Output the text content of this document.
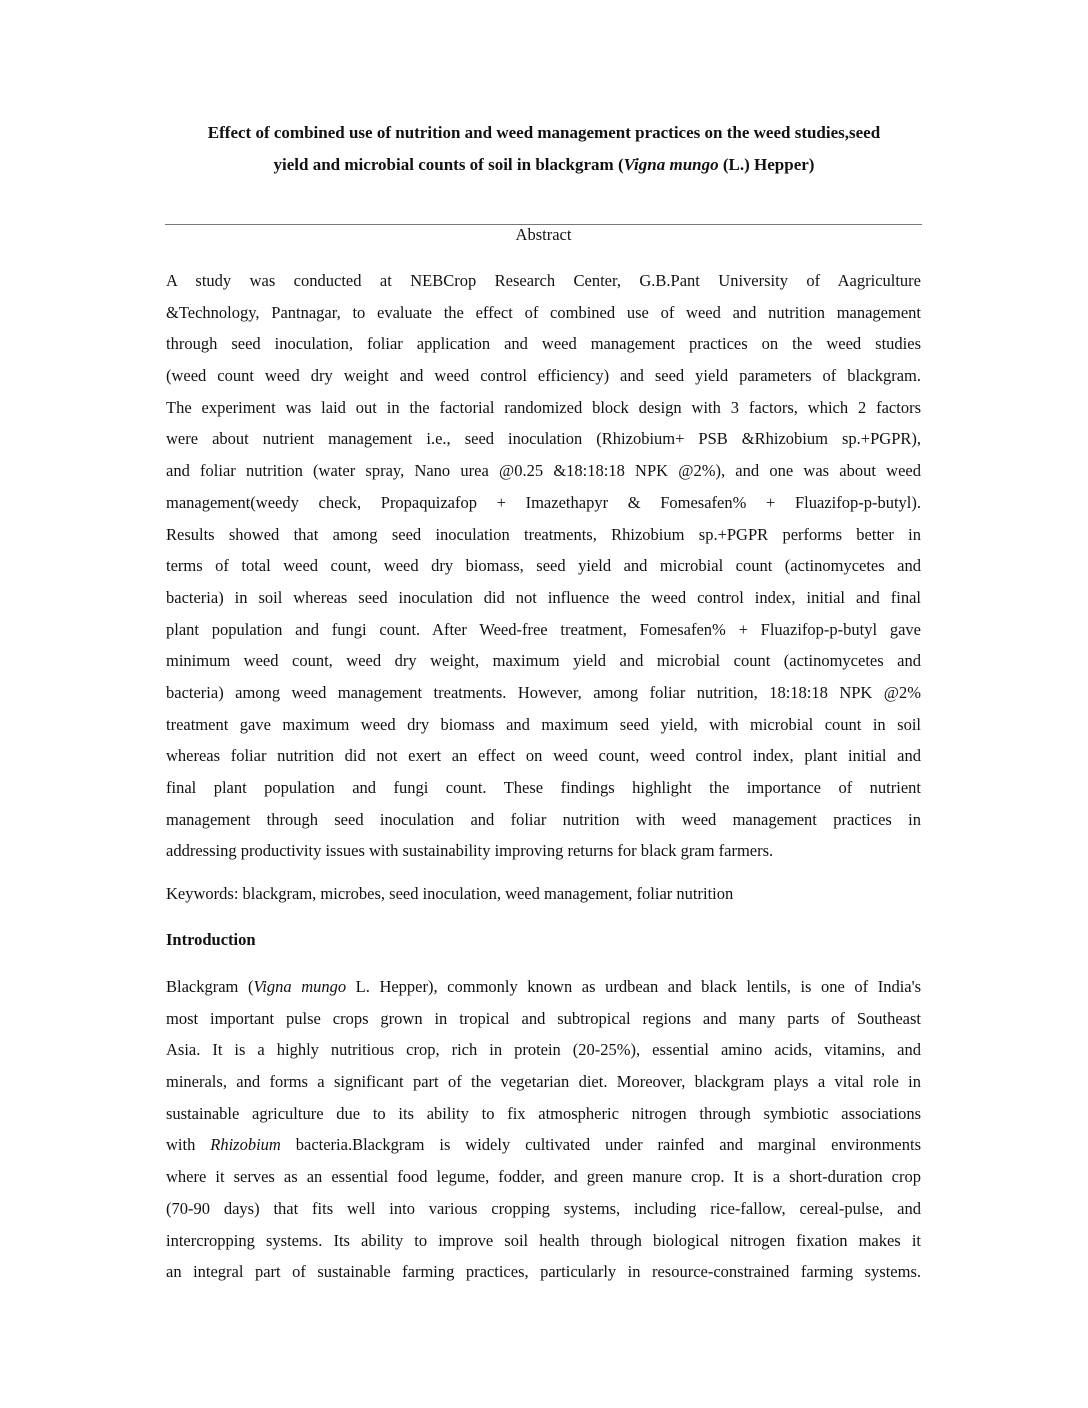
Effect of combined use of nutrition and weed management practices on the weed studies,seed
yield and microbial counts of soil in blackgram (Vigna mungo (L.) Hepper)
Abstract
A study was conducted at NEBCrop Research Center, G.B.Pant University of Aagriculture
&Technology, Pantnagar, to evaluate the effect of combined use of weed and nutrition management
through seed inoculation, foliar application and weed management practices on the weed studies
(weed count weed dry weight and weed control efficiency) and seed yield parameters of blackgram.
The experiment was laid out in the factorial randomized block design with 3 factors, which 2 factors
were about nutrient management i.e., seed inoculation (Rhizobium+ PSB &Rhizobium sp.+PGPR),
and foliar nutrition (water spray, Nano urea @0.25 &18:18:18 NPK @2%), and one was about weed
management(weedy check, Propaquizafop + Imazethapyr & Fomesafen% + Fluazifop-p-butyl).
Results showed that among seed inoculation treatments, Rhizobium sp.+PGPR performs better in
terms of total weed count, weed dry biomass, seed yield and microbial count (actinomycetes and
bacteria) in soil whereas seed inoculation did not influence the weed control index, initial and final
plant population and fungi count. After Weed-free treatment, Fomesafen% + Fluazifop-p-butyl gave
minimum weed count, weed dry weight, maximum yield and microbial count (actinomycetes and
bacteria) among weed management treatments. However, among foliar nutrition, 18:18:18 NPK @2%
treatment gave maximum weed dry biomass and maximum seed yield, with microbial count in soil
whereas foliar nutrition did not exert an effect on weed count, weed control index, plant initial and
final plant population and fungi count. These findings highlight the importance of nutrient
management through seed inoculation and foliar nutrition with weed management practices in
addressing productivity issues with sustainability improving returns for black gram farmers.
Keywords: blackgram, microbes, seed inoculation, weed management, foliar nutrition
Introduction
Blackgram (Vigna mungo L. Hepper), commonly known as urdbean and black lentils, is one of India's
most important pulse crops grown in tropical and subtropical regions and many parts of Southeast
Asia. It is a highly nutritious crop, rich in protein (20-25%), essential amino acids, vitamins, and
minerals, and forms a significant part of the vegetarian diet. Moreover, blackgram plays a vital role in
sustainable agriculture due to its ability to fix atmospheric nitrogen through symbiotic associations
with Rhizobium bacteria.Blackgram is widely cultivated under rainfed and marginal environments
where it serves as an essential food legume, fodder, and green manure crop. It is a short-duration crop
(70-90 days) that fits well into various cropping systems, including rice-fallow, cereal-pulse, and
intercropping systems. Its ability to improve soil health through biological nitrogen fixation makes it
an integral part of sustainable farming practices, particularly in resource-constrained farming systems.
